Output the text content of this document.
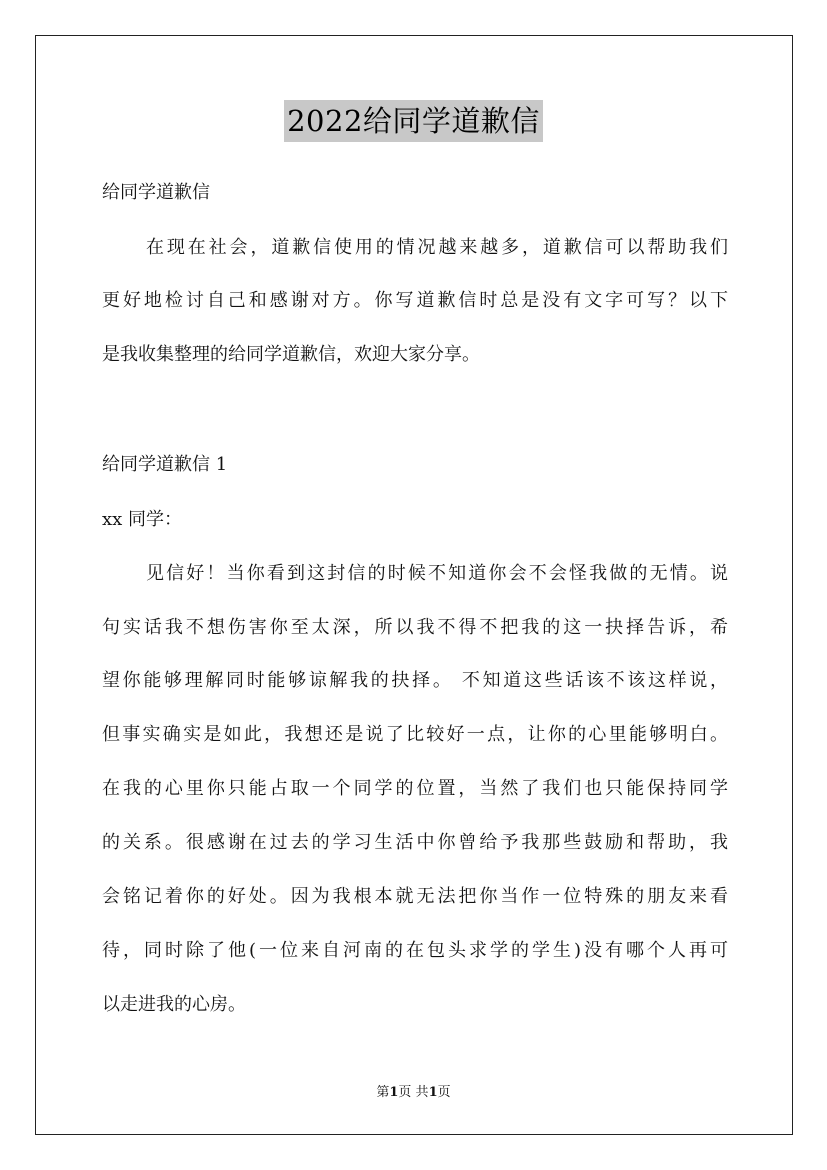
2022给同学道歉信
给同学道歉信
在现在社会，道歉信使用的情况越来越多，道歉信可以帮助我们
更好地检讨自己和感谢对方。你写道歉信时总是没有文字可写？以下
是我收集整理的给同学道歉信，欢迎大家分享。
给同学道歉信 1
xx 同学：
见信好！当你看到这封信的时候不知道你会不会怪我做的无情。说
句实话我不想伤害你至太深，所以我不得不把我的这一抉择告诉，希
望你能够理解同时能够谅解我的抉择。 不知道这些话该不该这样说，
但事实确实是如此，我想还是说了比较好一点，让你的心里能够明白。
在我的心里你只能占取一个同学的位置，当然了我们也只能保持同学
的关系。很感谢在过去的学习生活中你曾给予我那些鼓励和帮助，我
会铭记着你的好处。因为我根本就无法把你当作一位特殊的朋友来看
待，同时除了他(一位来自河南的在包头求学的学生)没有哪个人再可
以走进我的心房。
第1页 共1页
